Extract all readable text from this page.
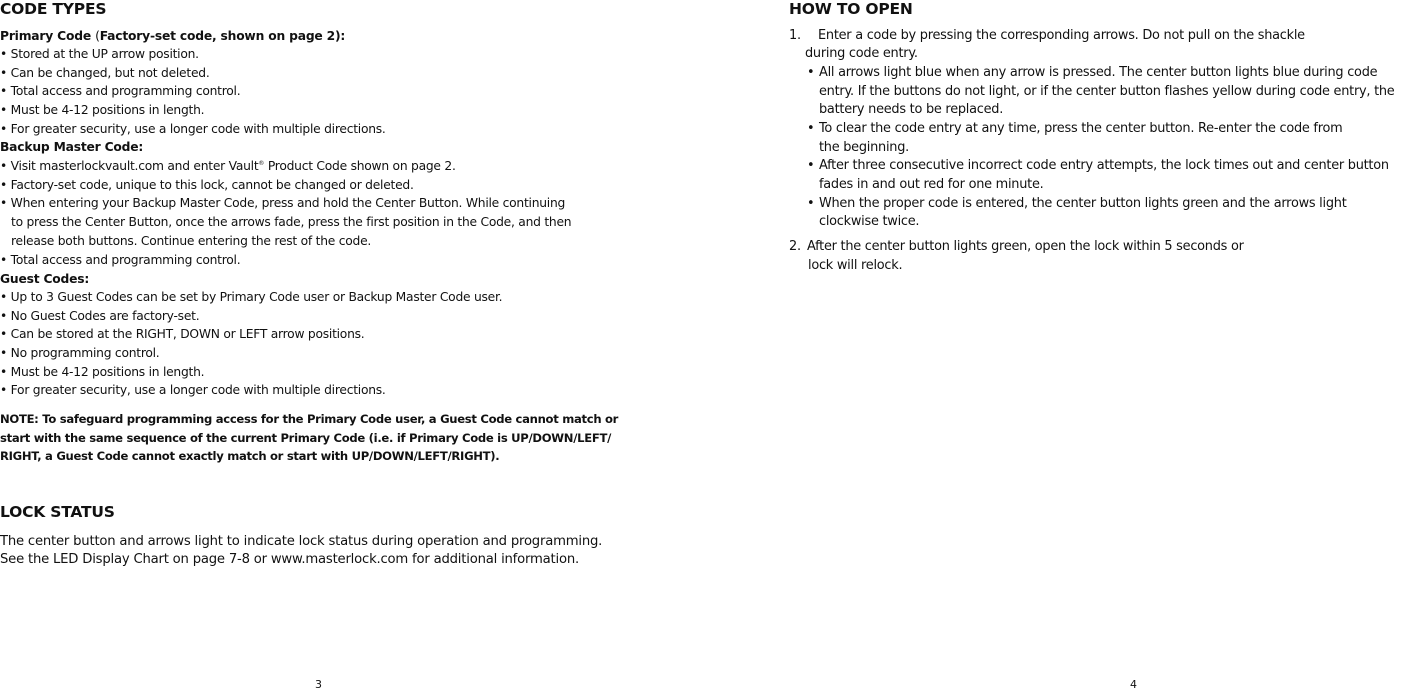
CODE TYPES

Primary Code (Factory-set code, shown on page 2):

• Stored at the UP arrow position.

• Can be changed, but not deleted.

• Total access and programming control.

• Must be 4-12 positions in length.

• For greater security, use a longer code with multiple directions.

Backup Master Code:

• Visit masterlockvault.com and enter Vault® Product Code shown on page 2.

• Factory-set code, unique to this lock, cannot be changed or deleted.

• When entering your Backup Master Code, press and hold the Center Button. While continuing

to press the Center Button, once the arrows fade, press the first position in the Code, and then

release both buttons. Continue entering the rest of the code.

• Total access and programming control.

Guest Codes:

• Up to 3 Guest Codes can be set by Primary Code user or Backup Master Code user.

• No Guest Codes are factory-set.

• Can be stored at the RIGHT, DOWN or LEFT arrow positions.

• No programming control.

• Must be 4-12 positions in length.

• For greater security, use a longer code with multiple directions.

NOTE: To safeguard programming access for the Primary Code user, a Guest Code cannot match or

start with the same sequence of the current Primary Code (i.e. if Primary Code is UP/DOWN/LEFT/

RIGHT, a Guest Code cannot exactly match or start with UP/DOWN/LEFT/RIGHT).

LOCK STATUS

The center button and arrows light to indicate lock status during operation and programming.

See the LED Display Chart on page 7-8 or www.masterlock.com for additional information.

3
HOW TO OPEN
1. Enter a code by pressing the corresponding arrows. Do not pull on the shackle

during code entry.

• All arrows light blue when any arrow is pressed. The center button lights blue during code

entry. If the buttons do not light, or if the center button flashes yellow during code entry, the

battery needs to be replaced.

• To clear the code entry at any time, press the center button. Re-enter the code from

the beginning.

• After three consecutive incorrect code entry attempts, the lock times out and center button

fades in and out red for one minute.

• When the proper code is entered, the center button lights green and the arrows light

clockwise twice.

2. After the center button lights green, open the lock within 5 seconds or

lock will relock.

4
